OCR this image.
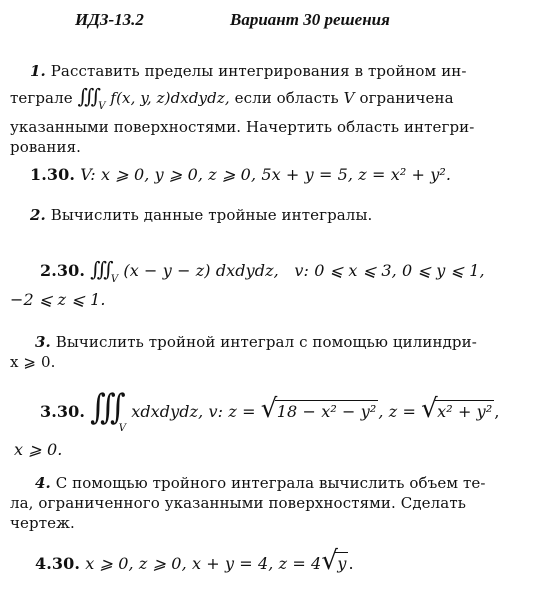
ИДЗ-13.2	Вариант 30 решения
1. Расставить пределы интегрирования в тройном ин-
теграле $∭_V$ f(x, y, z)dxdydz, если область V ограничена
указанными поверхностями. Начертить область интегри-
рования.
1.30. V: x ⩾ 0, y ⩾ 0, z ⩾ 0, 5x + y = 5, z = x² + y².
2. Вычислить данные тройные интегралы.
2.30. $∭_V$ (x − y − z) dxdydz, v: 0 ⩽ x ⩽ 3, 0 ⩽ y ⩽ 1,
−2 ⩽ z ⩽ 1.
3. Вычислить тройной интеграл с помощью цилиндри-
x ⩾ 0.
3.30. $∭_V$ xdxdydz, v: z = √ 18 − x² − y² , z = √ x² + y² ,
x ⩾ 0.
4. С помощью тройного интеграла вычислить объем те-
ла, ограниченного указанными поверхностями. Сделать
чертеж.
4.30. x ⩾ 0, z ⩾ 0, x + y = 4, z = 4 √ y .
